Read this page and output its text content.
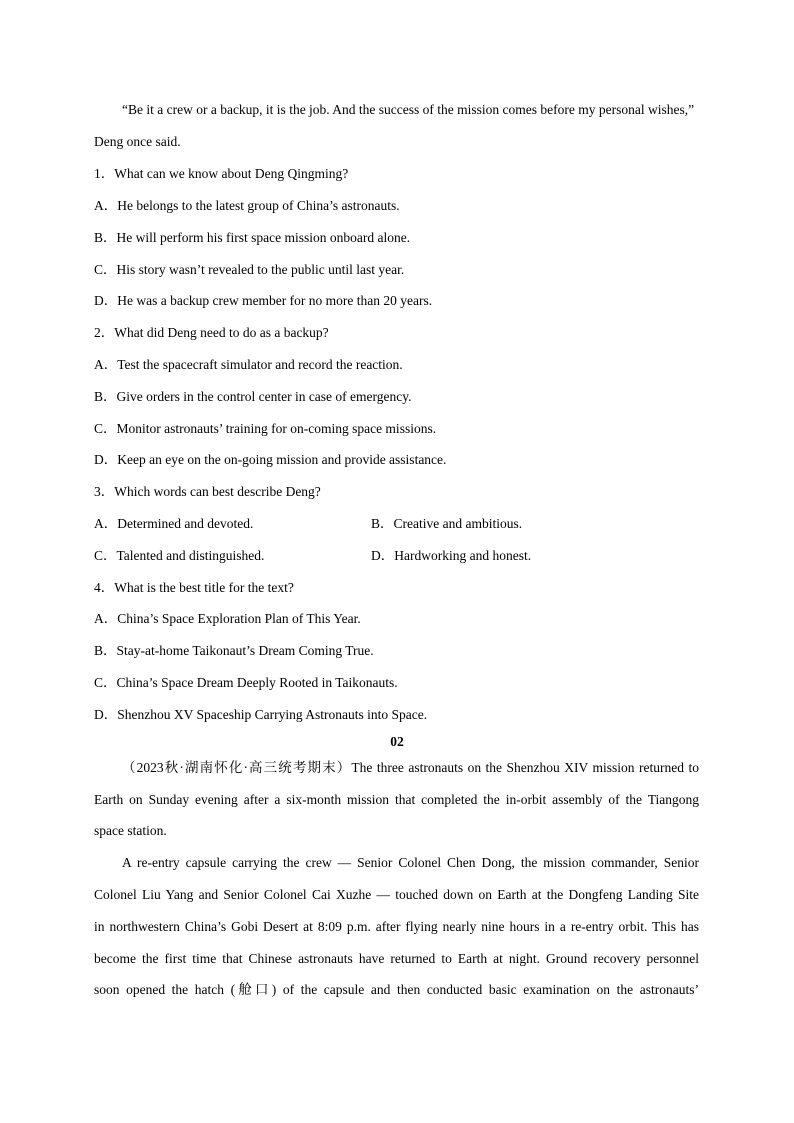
“Be it a crew or a backup, it is the job. And the success of the mission comes before my personal wishes,”
Deng once said.
1．What can we know about Deng Qingming?
A．He belongs to the latest group of China’s astronauts.
B．He will perform his first space mission onboard alone.
C．His story wasn’t revealed to the public until last year.
D．He was a backup crew member for no more than 20 years.
2．What did Deng need to do as a backup?
A．Test the spacecraft simulator and record the reaction.
B．Give orders in the control center in case of emergency.
C．Monitor astronauts’ training for on-coming space missions.
D．Keep an eye on the on-going mission and provide assistance.
3．Which words can best describe Deng?
A．Determined and devoted.	B．Creative and ambitious.
C．Talented and distinguished.	D．Hardworking and honest.
4．What is the best title for the text?
A．China’s Space Exploration Plan of This Year.
B．Stay-at-home Taikonaut’s Dream Coming True.
C．China’s Space Dream Deeply Rooted in Taikonauts.
D．Shenzhou XV Spaceship Carrying Astronauts into Space.
02
（2023秋·湖南怀化·高三统考期末）The three astronauts on the Shenzhou XIV mission returned to
Earth on Sunday evening after a six-month mission that completed the in-orbit assembly of the Tiangong
space station.
A re-entry capsule carrying the crew — Senior Colonel Chen Dong, the mission commander, Senior
Colonel Liu Yang and Senior Colonel Cai Xuzhe — touched down on Earth at the Dongfeng Landing Site
in northwestern China’s Gobi Desert at 8:09 p.m. after flying nearly nine hours in a re-entry orbit. This has
become the first time that Chinese astronauts have returned to Earth at night. Ground recovery personnel
soon opened the hatch (舱口) of the capsule and then conducted basic examination on the astronauts’
